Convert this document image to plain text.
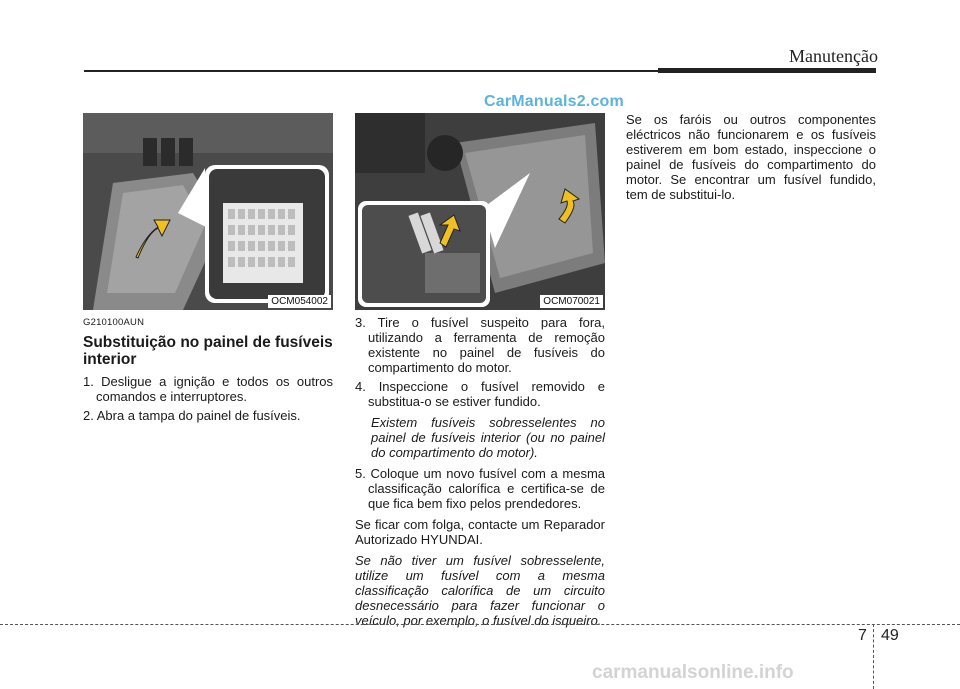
Manutenção
CarManuals2.com
OCM054002	OCM070021

G210100AUN

Substituição no painel de fusíveis interior

1. Desligue a ignição e todos os outros comandos e interruptores.

2. Abra a tampa do painel de fusíveis.

3. Tire o fusível suspeito para fora, utilizando a ferramenta de remoção existente no painel de fusíveis do compartimento do motor.

4. Inspeccione o fusível removido e substitua-o se estiver fundido.

Existem fusíveis sobresselentes no painel de fusíveis interior (ou no painel do compartimento do motor).

5. Coloque um novo fusível com a mesma classificação calorífica e certifica-se de que fica bem fixo pelos prendedores.

Se ficar com folga, contacte um Reparador Autorizado HYUNDAI.

Se não tiver um fusível sobresselente, utilize um fusível com a mesma classificação calorífica de um circuito desnecessário para fazer funcionar o veículo, por exemplo, o fusível do isqueiro.

Se os faróis ou outros componentes eléctricos não funcionarem e os fusíveis estiverem em bom estado, inspeccione o painel de fusíveis do compartimento do motor. Se encontrar um fusível fundido, tem de substitui-lo.

7 49
carmanualsonline.info
